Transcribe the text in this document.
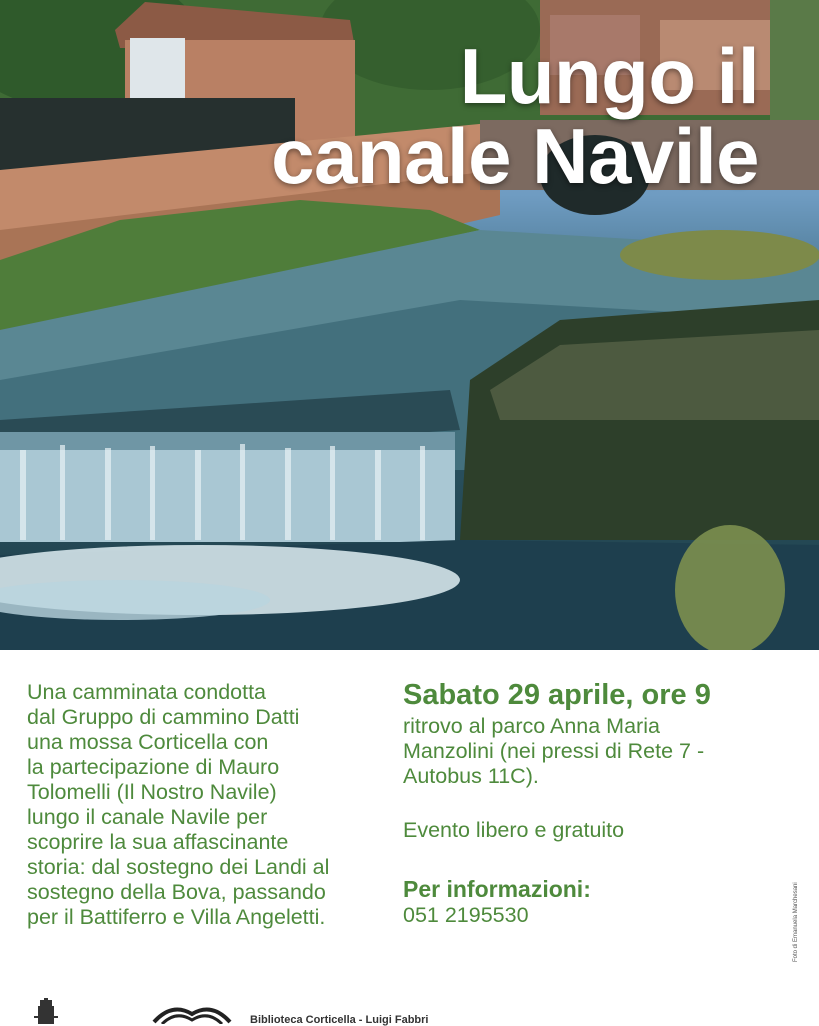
Lungo il
canale Navile
Una camminata condotta
dal Gruppo di cammino Datti
una mossa Corticella con
la partecipazione di Mauro
Tolomelli (Il Nostro Navile)
lungo il canale Navile per
scoprire la sua affascinante
storia: dal sostegno dei Landi al
sostegno della Bova, passando
per il Battiferro e Villa Angeletti.
Sabato 29 aprile, ore 9
ritrovo al parco Anna Maria
Manzolini (nei pressi di Rete 7 -
Autobus 11C).
Evento libero e gratuito
Per informazioni:
051 2195530
Biblioteca Corticella - Luigi Fabbri
Foto di Emanuela Marchesani
